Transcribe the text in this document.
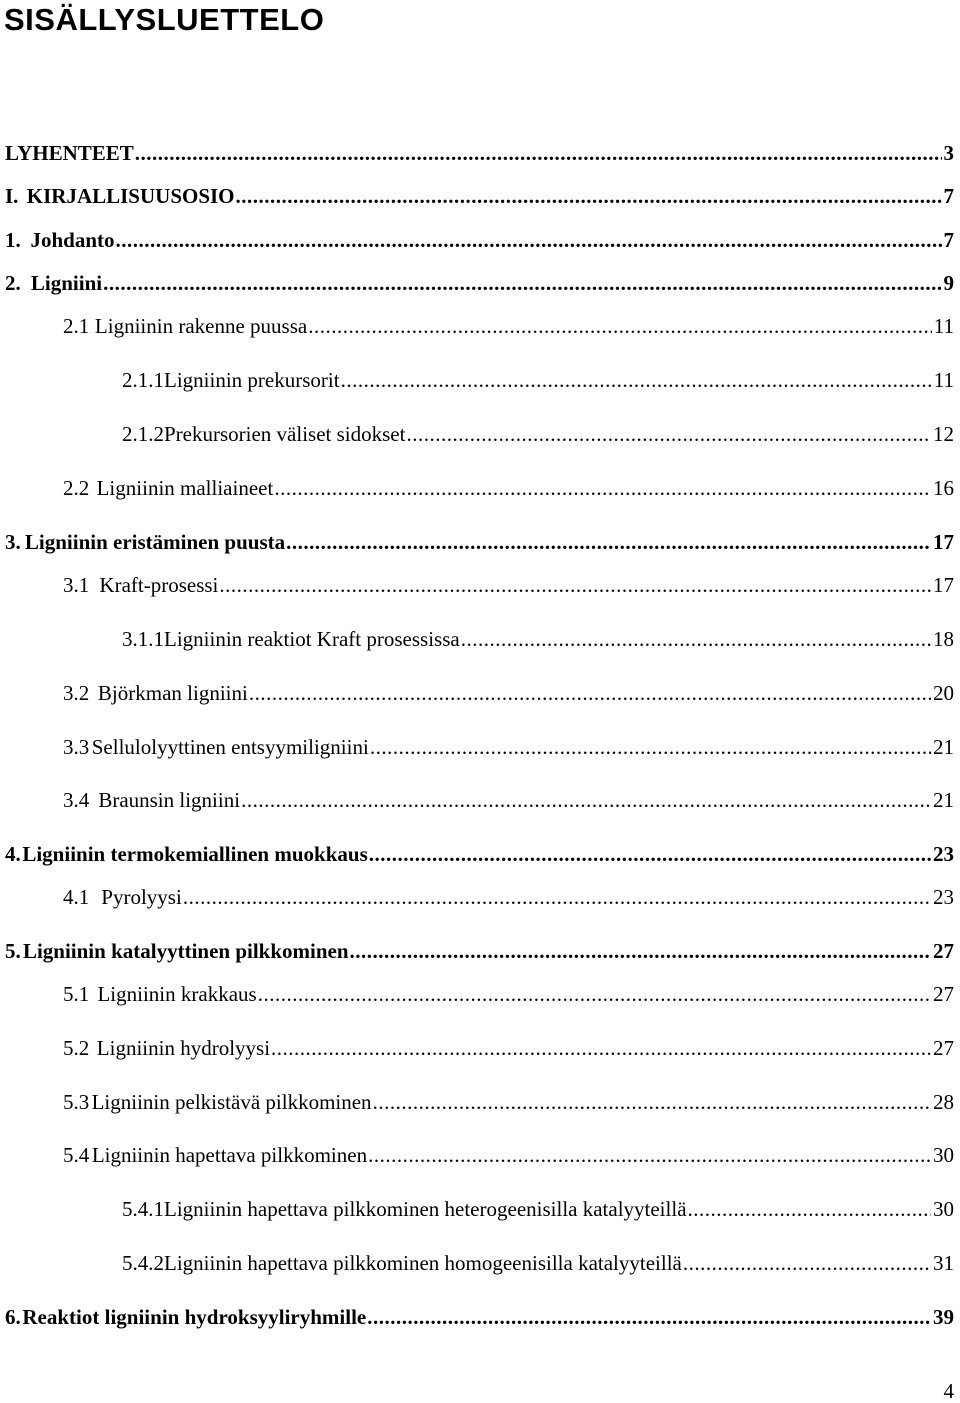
SISÄLLYSLUETTELO
LYHENTEET .....	3
I. KIRJALLISUUSOSIO .....	7
1. Johdanto .....	7
2. Ligniini .....	9
2.1 Ligniinin rakenne puussa .....	11
2.1.1 Ligniinin prekursorit .....	11
2.1.2 Prekursorien väliset sidokset .....	12
2.2 Ligniinin malliaineet .....	16
3. Ligniinin eristäminen puusta .....	17
3.1 Kraft-prosessi .....	17
3.1.1 Ligniinin reaktiot Kraft prosessissa .....	18
3.2 Björkman ligniini .....	20
3.3 Sellulolyyttinen entsyymiligniini .....	21
3.4 Braunsin ligniini .....	21
4. Ligniinin termokemiallinen muokkaus .....	23
4.1 Pyrolyysi .....	23
5. Ligniinin katalyyttinen pilkkominen .....	27
5.1 Ligniinin krakkaus .....	27
5.2 Ligniinin hydrolyysi .....	27
5.3 Ligniinin pelkistävä pilkkominen .....	28
5.4 Ligniinin hapettava pilkkominen .....	30
5.4.1 Ligniinin hapettava pilkkominen heterogeenisilla katalyyteillä .....	30
5.4.2 Ligniinin hapettava pilkkominen homogeenisilla katalyyteillä .....	31
6. Reaktiot ligniinin hydroksyyliryhmille .....	39
4
